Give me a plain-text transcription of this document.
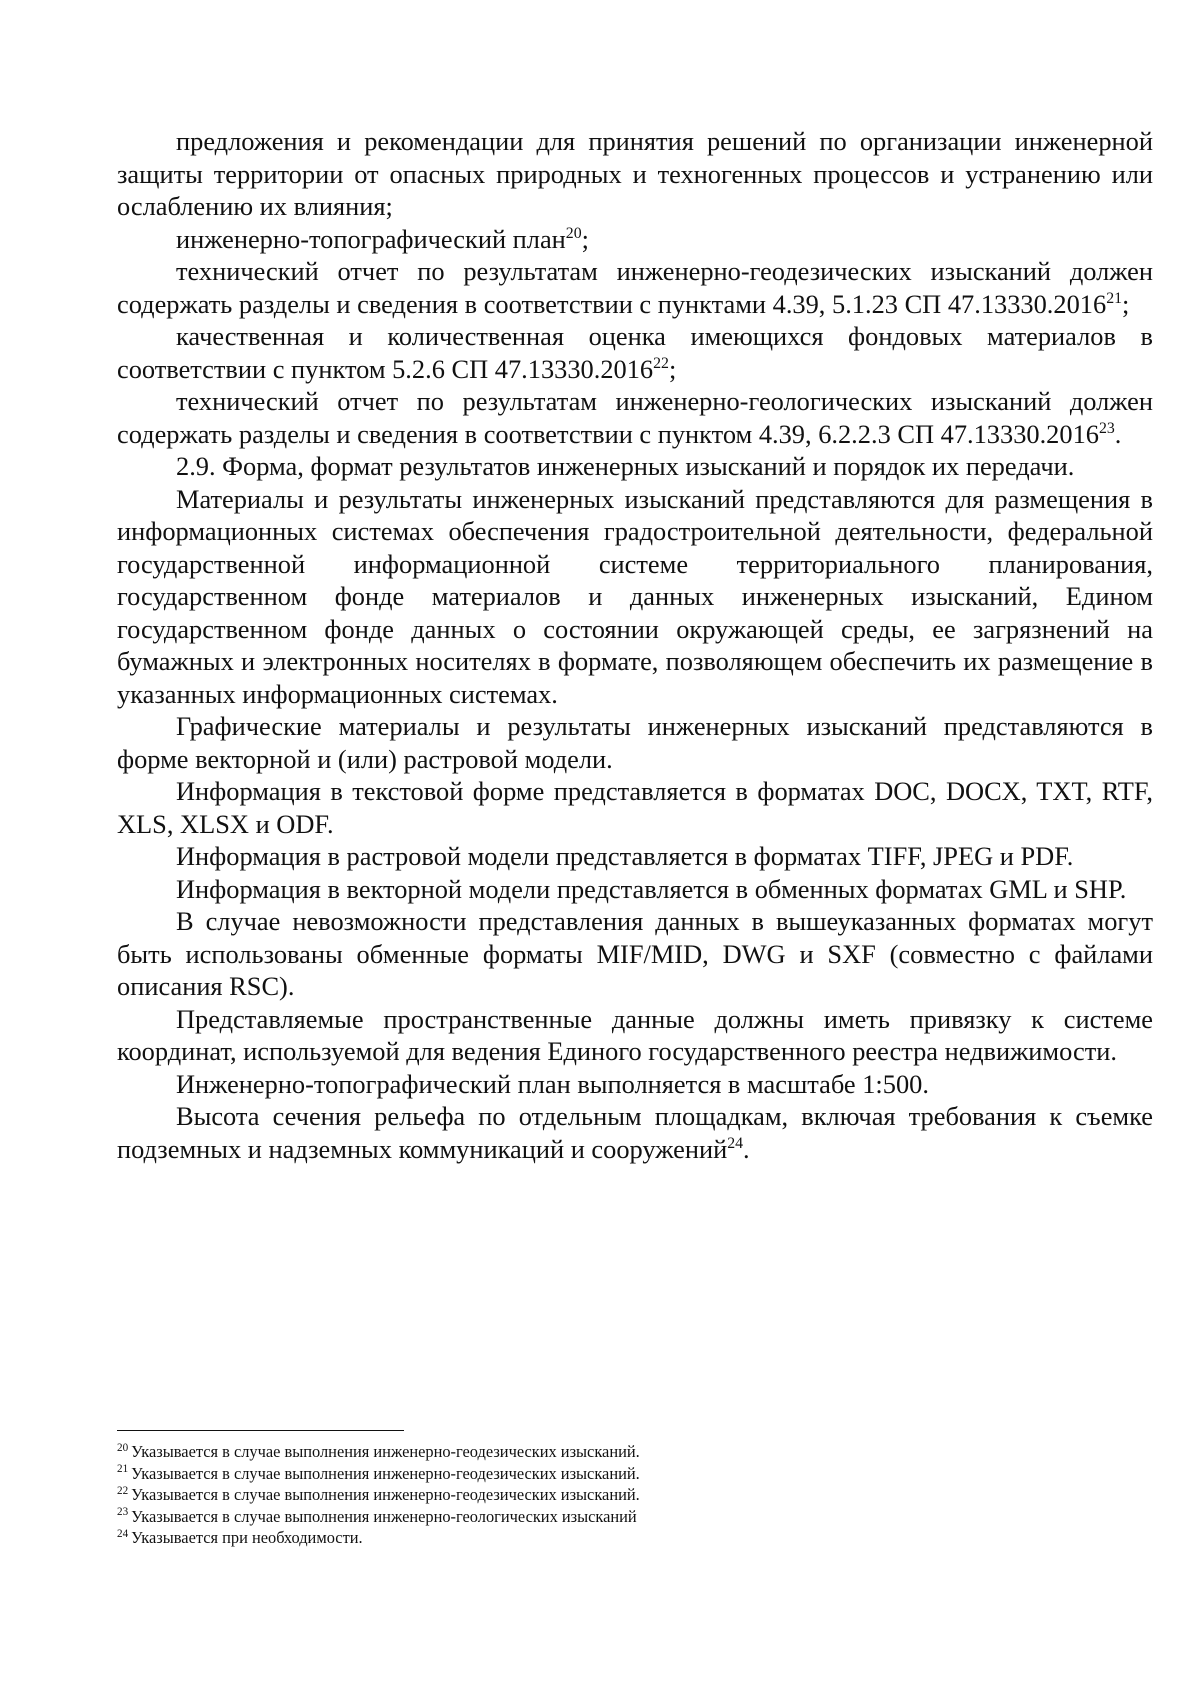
предложения и рекомендации для принятия решений по организации инженерной защиты территории от опасных природных и техногенных процессов и устранению или ослаблению их влияния;

инженерно-топографический план$^{20}$;

технический отчет по результатам инженерно-геодезических изысканий должен содержать разделы и сведения в соответствии с пунктами 4.39, 5.1.23 СП 47.13330.2016$^{21}$;

качественная и количественная оценка имеющихся фондовых материалов в соответствии с пунктом 5.2.6 СП 47.13330.2016$^{22}$;

технический отчет по результатам инженерно-геологических изысканий должен содержать разделы и сведения в соответствии с пунктом 4.39, 6.2.2.3 СП 47.13330.2016$^{23}$.

2.9. Форма, формат результатов инженерных изысканий и порядок их передачи.

Материалы и результаты инженерных изысканий представляются для размещения в информационных системах обеспечения градостроительной деятельности, федеральной государственной информационной системе территориального планирования, государственном фонде материалов и данных инженерных изысканий, Едином государственном фонде данных о состоянии окружающей среды, ее загрязнений на бумажных и электронных носителях в формате, позволяющем обеспечить их размещение в указанных информационных системах.

Графические материалы и результаты инженерных изысканий представляются в форме векторной и (или) растровой модели.

Информация в текстовой форме представляется в форматах DOC, DOCX, TXT, RTF, XLS, XLSX и ODF.

Информация в растровой модели представляется в форматах TIFF, JPEG и PDF.

Информация в векторной модели представляется в обменных форматах GML и SHP.

В случае невозможности представления данных в вышеуказанных форматах могут быть использованы обменные форматы MIF/MID, DWG и SXF (совместно с файлами описания RSC).

Представляемые пространственные данные должны иметь привязку к системе координат, используемой для ведения Единого государственного реестра недвижимости.

Инженерно-топографический план выполняется в масштабе 1:500.

Высота сечения рельефа по отдельным площадкам, включая требования к съемке подземных и надземных коммуникаций и сооружений$^{24}$.

$^{20}$ Указывается в случае выполнения инженерно-геодезических изысканий.

$^{21}$ Указывается в случае выполнения инженерно-геодезических изысканий.

$^{22}$ Указывается в случае выполнения инженерно-геодезических изысканий.

$^{23}$ Указывается в случае выполнения инженерно-геологических изысканий

$^{24}$ Указывается при необходимости.
